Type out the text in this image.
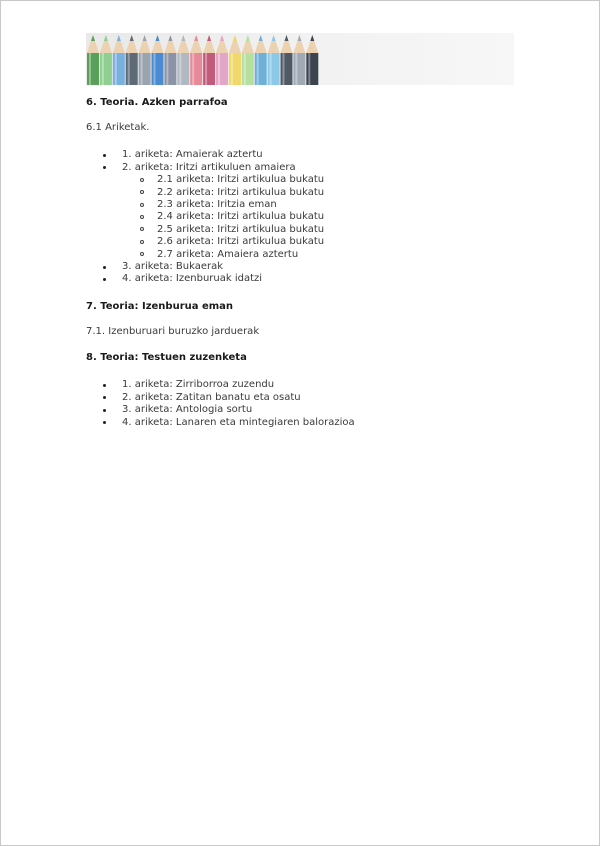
6. Teoria. Azken parrafoa

6.1 Ariketak.

1. ariketa: Amaierak aztertu
2. ariketa: Iritzi artikuluen amaiera
2.1 ariketa: Iritzi artikulua bukatu
2.2 ariketa: Iritzi artikulua bukatu
2.3 ariketa: Iritzia eman
2.4 ariketa: Iritzi artikulua bukatu
2.5 ariketa: Iritzi artikulua bukatu
2.6 ariketa: Iritzi artikulua bukatu
2.7 ariketa: Amaiera aztertu
3. ariketa: Bukaerak
4. ariketa: Izenburuak idatzi
7. Teoria: Izenburua eman

7.1. Izenburuari buruzko jarduerak

8. Teoria: Testuen zuzenketa
1. ariketa: Zirriborroa zuzendu
2. ariketa: Zatitan banatu eta osatu
3. ariketa: Antologia sortu
4. ariketa: Lanaren eta mintegiaren balorazioa
